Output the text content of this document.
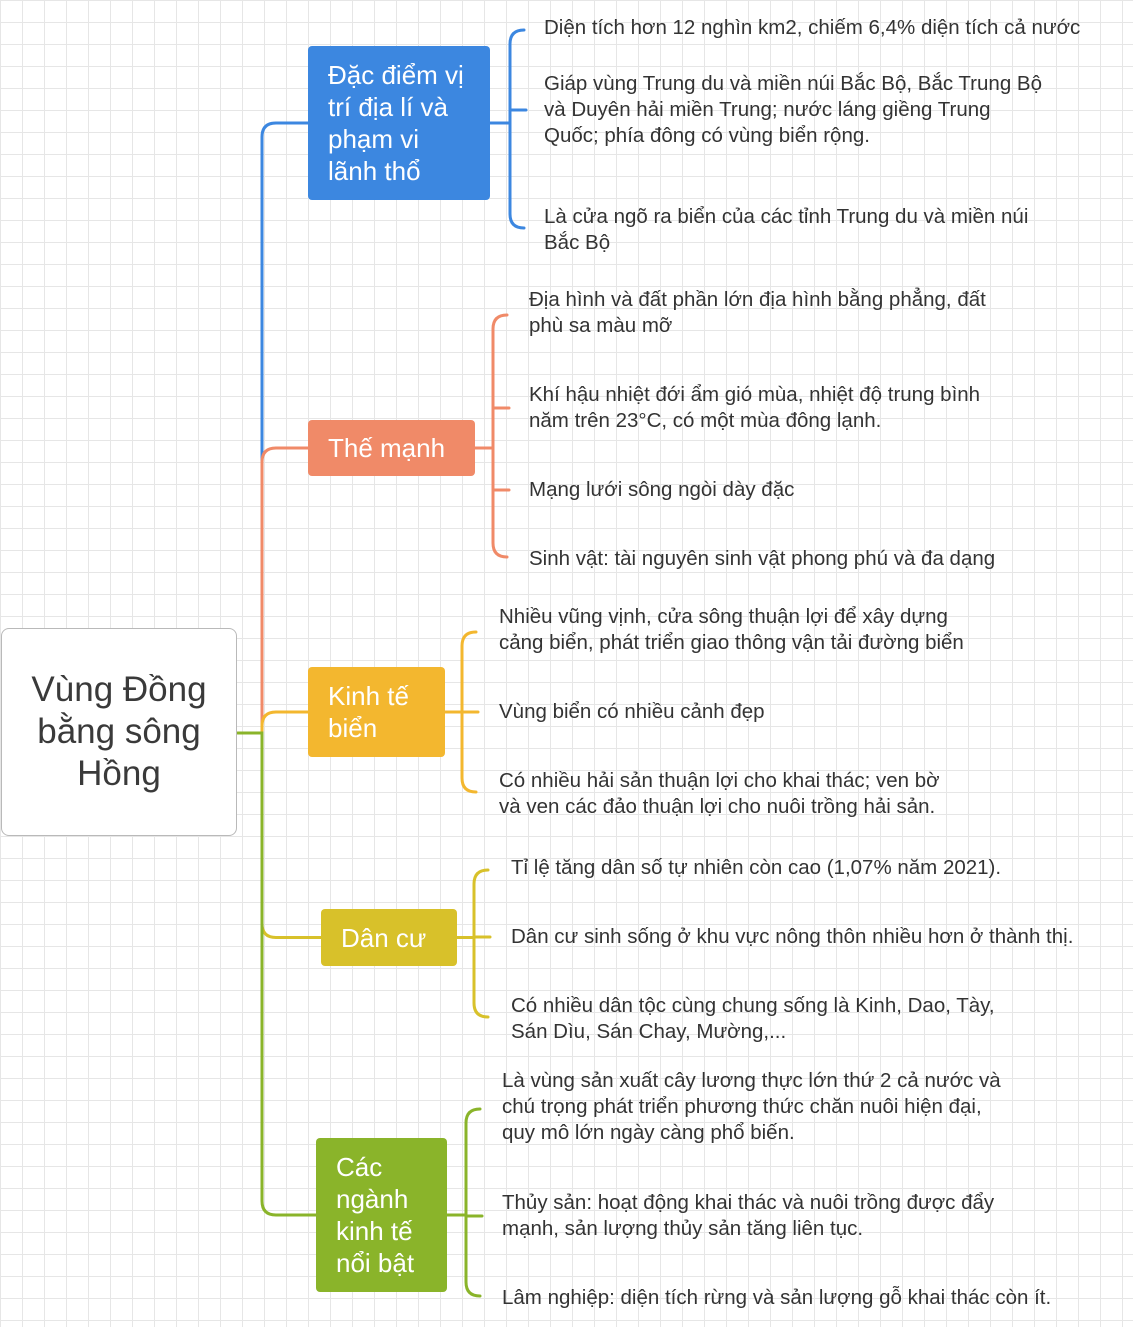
Vùng Đồng bằng sông Hồng
Đặc điểm vị trí địa lí và phạm vi lãnh thổ
Thế mạnh
Kinh tế biển
Dân cư
Các ngành kinh tế nổi bật
Diện tích hơn 12 nghìn km2, chiếm 6,4% diện tích cả nước
Giáp vùng Trung du và miền núi Bắc Bộ, Bắc Trung Bộ
và Duyên hải miền Trung; nước láng giềng Trung
Quốc; phía đông có vùng biển rộng.
Là cửa ngõ ra biển của các tỉnh Trung du và miền núi
Bắc Bộ
Địa hình và đất phần lớn địa hình bằng phẳng, đất
phù sa màu mỡ
Khí hậu nhiệt đới ẩm gió mùa, nhiệt độ trung bình
năm trên 23°C, có một mùa đông lạnh.
Mạng lưới sông ngòi dày đặc
Sinh vật: tài nguyên sinh vật phong phú và đa dạng
Nhiều vũng vịnh, cửa sông thuận lợi để xây dựng
cảng biển, phát triển giao thông vận tải đường biển
Vùng biển có nhiều cảnh đẹp
Có nhiều hải sản thuận lợi cho khai thác; ven bờ
và ven các đảo thuận lợi cho nuôi trồng hải sản.
Tỉ lệ tăng dân số tự nhiên còn cao (1,07% năm 2021).
Dân cư sinh sống ở khu vực nông thôn nhiều hơn ở thành thị.
Có nhiều dân tộc cùng chung sống là Kinh, Dao, Tày,
Sán Dìu, Sán Chay, Mường,...
Là vùng sản xuất cây lương thực lớn thứ 2 cả nước và
chú trọng phát triển phương thức chăn nuôi hiện đại,
quy mô lớn ngày càng phổ biến.
Thủy sản: hoạt động khai thác và nuôi trồng được đẩy
mạnh, sản lượng thủy sản tăng liên tục.
Lâm nghiệp: diện tích rừng và sản lượng gỗ khai thác còn ít.
